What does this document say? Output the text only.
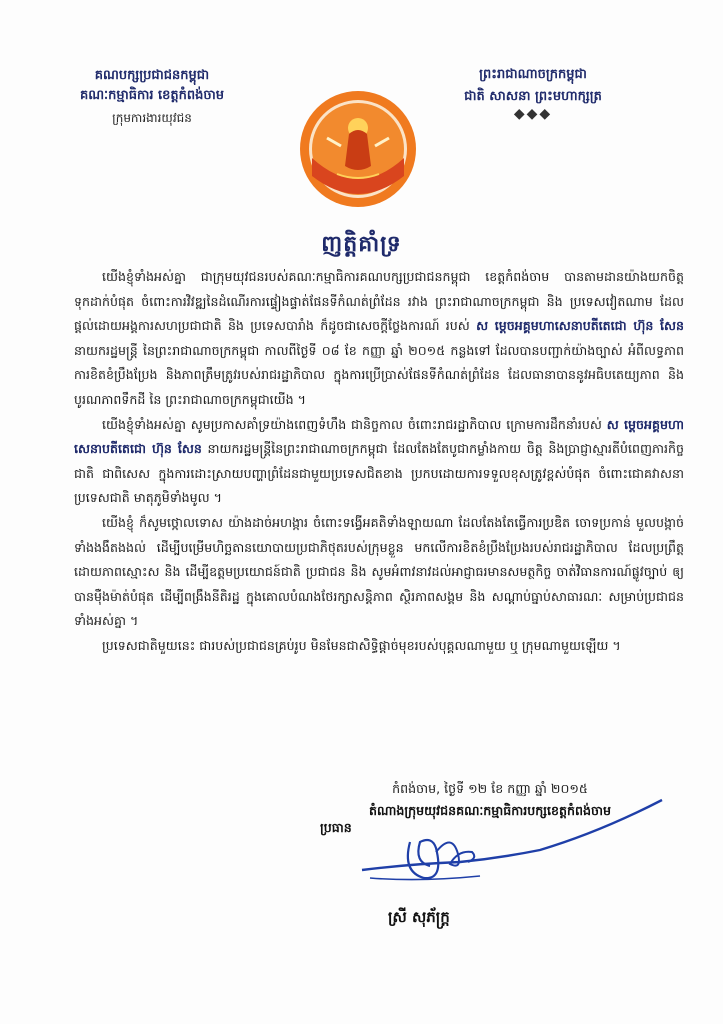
គណបក្សប្រជាជនកម្ពុជា
គណៈកម្មាធិការ ខេត្តកំពង់ចាម
ក្រុមការងារយុវជន
ព្រះរាជាណាចក្រកម្ពុជា
ជាតិ សាសនា ព្រះមហាក្សត្រ
◆◆◆
ញត្តិគាំទ្រ

យើងខ្ញុំទាំងអស់គ្នា ជាក្រុមយុវជនរបស់គណៈកម្មាធិការគណបក្សប្រជាជនកម្ពុជា ខេត្តកំពង់ចាម បានតាមដានយ៉ាងយកចិត្តទុកដាក់បំផុត ចំពោះការវិវឌ្ឍនៃដំណើរការផ្ទៀងផ្ទាត់ផែនទីកំណត់ព្រំដែន រវាង ព្រះរាជាណាចក្រកម្ពុជា និង ប្រទេសវៀតណាម ដែលផ្តល់ដោយអង្គការសហប្រជាជាតិ និង ប្រទេសបារាំង ក៏ដូចជាសេចក្តីថ្លែងការណ៍ របស់ ស ម្តេចអគ្គមហាសេនាបតីតេជោ ហ៊ុន សែន នាយករដ្ឋមន្ត្រី នៃព្រះរាជាណាចក្រកម្ពុជា កាលពីថ្ងៃទី ០៨ ខែ កញ្ញា ឆ្នាំ ២០១៥ កន្លងទៅ ដែលបានបញ្ជាក់យ៉ាងច្បាស់ អំពីលទ្ធភាព ការខិតខំប្រឹងប្រែង និងភាពត្រឹមត្រូវរបស់រាជរដ្ឋាភិបាល ក្នុងការប្រើប្រាស់ផែនទីកំណត់ព្រំដែន ដែលធានាបាននូវអធិបតេយ្យភាព និងបូរណភាពទឹកដី នៃ ព្រះរាជាណាចក្រកម្ពុជាយើង ។

យើងខ្ញុំទាំងអស់គ្នា សូមប្រកាសគាំទ្រយ៉ាងពេញទំហឹង ជានិច្ចកាល ចំពោះរាជរដ្ឋាភិបាល ក្រោមការដឹកនាំរបស់ ស ម្តេចអគ្គមហាសេនាបតីតេជោ ហ៊ុន សែន នាយករដ្ឋមន្ត្រីនៃព្រះរាជាណាចក្រកម្ពុជា ដែលតែងតែបូជាកម្លាំងកាយ ចិត្ត និងប្រាជ្ញាស្មារតីបំពេញភារកិច្ចជាតិ ជាពិសេស ក្នុងការដោះស្រាយបញ្ហាព្រំដែនជាមួយប្រទេសជិតខាង ប្រកបដោយការទទួលខុសត្រូវខ្ពស់បំផុត ចំពោះជោគវាសនាប្រទេសជាតិ មាតុភូមិទាំងមូល ។

យើងខ្ញុំ ក៏សូមថ្កោលទោស យ៉ាងដាច់អហង្ការ ចំពោះទង្វើអគតិទាំងឡាយណា ដែលតែងតែធ្វើការប្រឌិត ចោទប្រកាន់ មួលបង្កាច់ទាំងងងឹតងងល់ ដើម្បីបម្រើមហិច្ឆតានយោបាយប្រជាភិថុតរបស់ក្រុមខ្លួន មកលើការខិតខំប្រឹងប្រែងរបស់រាជរដ្ឋាភិបាល ដែលប្រព្រឹត្តដោយភាពស្មោះស និង ដើម្បីឧត្តមប្រយោជន៍ជាតិ ប្រជាជន និង សូមអំពាវនាវដល់អាជ្ញាធរមានសមត្ថកិច្ច ចាត់វិធានការណ៍ផ្លូវច្បាប់ ឲ្យបានម៉ឺងម៉ាត់បំផុត ដើម្បីពង្រឹងនីតិរដ្ឋ ក្នុងគោលបំណងថែរក្សាសន្តិភាព ស្ថិរភាពសង្គម និង សណ្តាប់ធ្នាប់សាធារណៈ សម្រាប់ប្រជាជនទាំងអស់គ្នា ។

ប្រទេសជាតិមួយនេះ ជារបស់ប្រជាជនគ្រប់រូប មិនមែនជាសិទ្ធិផ្តាច់មុខរបស់បុគ្គលណាមួយ ឬ ក្រុមណាមួយឡើយ ។

កំពង់ចាម, ថ្ងៃទី ១២ ខែ កញ្ញា ឆ្នាំ ២០១៥
តំណាងក្រុមយុវជនគណៈកម្មាធិការបក្សខេត្តកំពង់ចាម
ប្រធាន
ស្រី សុភ័ក្ត្រ
